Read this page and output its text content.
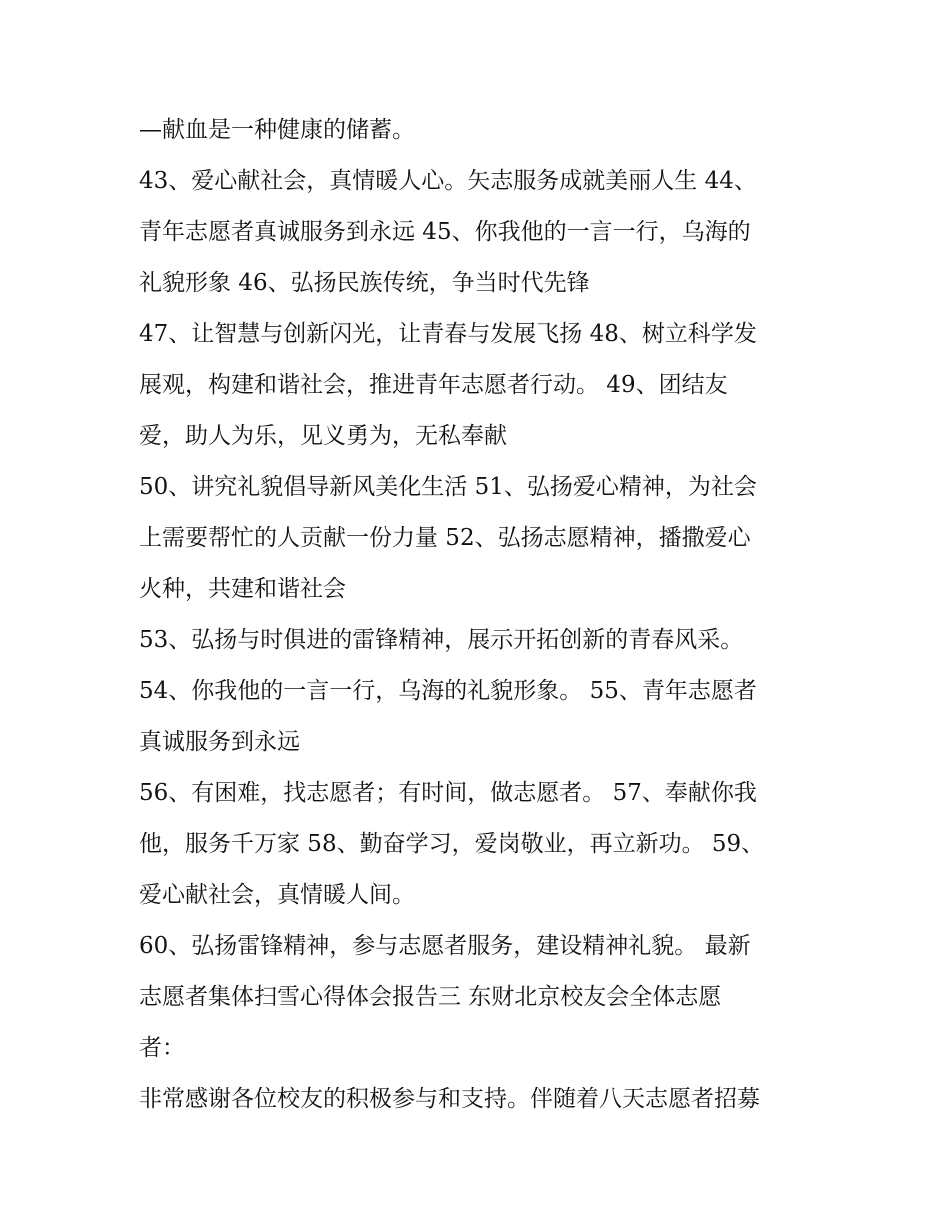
—献血是一种健康的储蓄。
43、爱心献社会，真情暖人心。矢志服务成就美丽人生 44、
青年志愿者真诚服务到永远 45、你我他的一言一行，乌海的
礼貌形象 46、弘扬民族传统，争当时代先锋
47、让智慧与创新闪光，让青春与发展飞扬 48、树立科学发
展观，构建和谐社会，推进青年志愿者行动。 49、团结友
爱，助人为乐，见义勇为，无私奉献
50、讲究礼貌倡导新风美化生活 51、弘扬爱心精神，为社会
上需要帮忙的人贡献一份力量 52、弘扬志愿精神，播撒爱心
火种，共建和谐社会
53、弘扬与时俱进的雷锋精神，展示开拓创新的青春风采。
54、你我他的一言一行，乌海的礼貌形象。 55、青年志愿者
真诚服务到永远
56、有困难，找志愿者；有时间，做志愿者。 57、奉献你我
他，服务千万家 58、勤奋学习，爱岗敬业，再立新功。 59、
爱心献社会，真情暖人间。
60、弘扬雷锋精神，参与志愿者服务，建设精神礼貌。 最新
志愿者集体扫雪心得体会报告三 东财北京校友会全体志愿
者：
非常感谢各位校友的积极参与和支持。伴随着八天志愿者招募
